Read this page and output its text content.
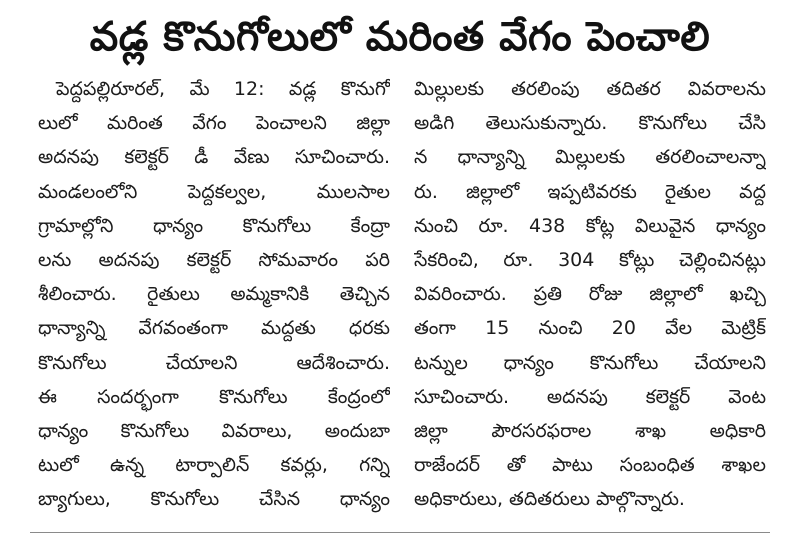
వడ్ల కొనుగోలులో మరింత వేగం పెంచాలి
పెద్దపల్లిరూరల్, మే 12: వడ్ల కొనుగో
లులో మరింత వేగం పెంచాలని జిల్లా
అదనపు కలెక్టర్ డీ వేణు సూచించారు.
మండలంలోని పెద్దకల్వల, ములసాల
గ్రామాల్లోని ధాన్యం కొనుగోలు కేంద్రా
లను అదనపు కలెక్టర్ సోమవారం పరి
శీలించారు. రైతులు అమ్మకానికి తెచ్చిన
ధాన్యాన్ని వేగవంతంగా మద్దతు ధరకు
కొనుగోలు చేయాలని ఆదేశించారు.
ఈ సందర్భంగా కొనుగోలు కేంద్రంలో
ధాన్యం కొనుగోలు వివరాలు, అందుబా
టులో ఉన్న టార్పాలిన్ కవర్లు, గన్ని
బ్యాగులు, కొనుగోలు చేసిన ధాన్యం
మిల్లులకు తరలింపు తదితర వివరాలను
అడిగి తెలుసుకున్నారు. కొనుగోలు చేసి
న ధాన్యాన్ని మిల్లులకు తరలించాలన్నా
రు. జిల్లాలో ఇప్పటివరకు రైతుల వద్ద
నుంచి రూ. 438 కోట్ల విలువైన ధాన్యం
సేకరించి, రూ. 304 కోట్లు చెల్లించినట్లు
వివరించారు. ప్రతి రోజు జిల్లాలో ఖచ్చి
తంగా 15 నుంచి 20 వేల మెట్రిక్
టన్నుల ధాన్యం కొనుగోలు చేయాలని
సూచించారు. అదనపు కలెక్టర్ వెంట
జిల్లా పౌరసరఫరాల శాఖ అధికారి
రాజేందర్ తో పాటు సంబంధిత శాఖల
అధికారులు, తదితరులు పాల్గొన్నారు.
